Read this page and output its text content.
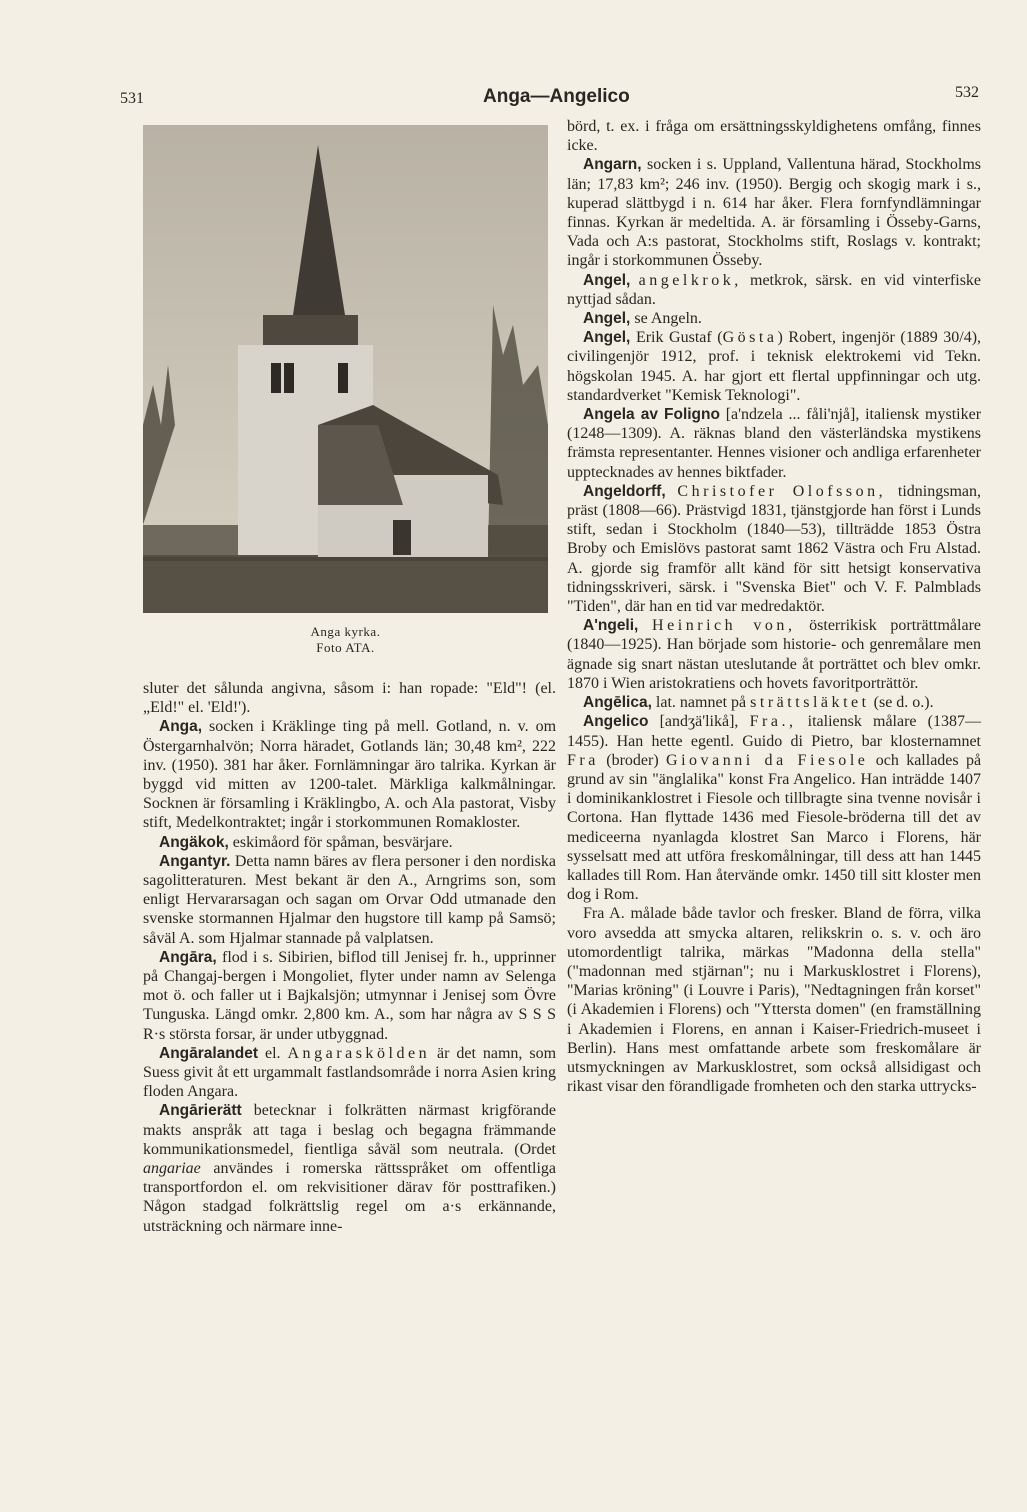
531	Anga—Angelico	532
Anga kyrka.
Foto ATA.

sluter det sålunda angivna, såsom i: han ropade: "Eld"! (el. „Eld!" el. 'Eld!').

Anga, socken i Kräklinge ting på mell. Gotland, n. v. om Östergarnhalvön; Norra häradet, Gotlands län; 30,48 km², 222 inv. (1950). 381 har åker. Fornlämningar äro talrika. Kyrkan är byggd vid mitten av 1200-talet. Märkliga kalkmålningar. Socknen är församling i Kräklingbo, A. och Ala pastorat, Visby stift, Medelkontraktet; ingår i storkommunen Romakloster.

Angäkok, eskimåord för spåman, besvärjare.

Angantyr. Detta namn bäres av flera personer i den nordiska sagolitteraturen. Mest bekant är den A., Arngrims son, som enligt Hervararsagan och sagan om Orvar Odd utmanade den svenske stormannen Hjalmar den hugstore till kamp på Samsö; såväl A. som Hjalmar stannade på valplatsen.

Angāra, flod i s. Sibirien, biflod till Jenisej fr. h., upprinner på Changaj-bergen i Mongoliet, flyter under namn av Selenga mot ö. och faller ut i Bajkalsjön; utmynnar i Jenisej som Övre Tunguska. Längd omkr. 2,800 km. A., som har några av S S S R·s största forsar, är under utbyggnad.

Angāralandet el. Angaraskölden är det namn, som Suess givit åt ett urgammalt fastlandsområde i norra Asien kring floden Angara.

Angārierätt betecknar i folkrätten närmast krigförande makts anspråk att taga i beslag och begagna främmande kommunikationsmedel, fientliga såväl som neutrala. (Ordet angariae användes i romerska rättsspråket om offentliga transportfordon el. om rekvisitioner därav för posttrafiken.) Någon stadgad folkrättslig regel om a·s erkännande, utsträckning och närmare inne-

börd, t. ex. i fråga om ersättningsskyldighetens omfång, finnes icke.

Angarn, socken i s. Uppland, Vallentuna härad, Stockholms län; 17,83 km²; 246 inv. (1950). Bergig och skogig mark i s., kuperad slättbygd i n. 614 har åker. Flera fornfyndlämningar finnas. Kyrkan är medeltida. A. är församling i Össeby-Garns, Vada och A:s pastorat, Stockholms stift, Roslags v. kontrakt; ingår i storkommunen Össeby.

Angel, angelkrok, metkrok, särsk. en vid vinterfiske nyttjad sådan.

Angel, se Angeln.

Angel, Erik Gustaf (Gösta) Robert, ingenjör (1889 30/4), civilingenjör 1912, prof. i teknisk elektrokemi vid Tekn. högskolan 1945. A. har gjort ett flertal uppfinningar och utg. standardverket "Kemisk Teknologi".

Angela av Foligno [a'ndzela ... fåli'njå], italiensk mystiker (1248—1309). A. räknas bland den västerländska mystikens främsta representanter. Hennes visioner och andliga erfarenheter upptecknades av hennes biktfader.

Angeldorff, Christofer Olofsson, tidningsman, präst (1808—66). Prästvigd 1831, tjänstgjorde han först i Lunds stift, sedan i Stockholm (1840—53), tillträdde 1853 Östra Broby och Emislövs pastorat samt 1862 Västra och Fru Alstad. A. gjorde sig framför allt känd för sitt hetsigt konservativa tidningsskriveri, särsk. i "Svenska Biet" och V. F. Palmblads "Tiden", där han en tid var medredaktör.

A'ngeli, Heinrich von, österrikisk porträttmålare (1840—1925). Han började som historie- och genremålare men ägnade sig snart nästan uteslutande åt porträttet och blev omkr. 1870 i Wien aristokratiens och hovets favoritporträttör.

Angēlica, lat. namnet på strättsläktet (se d. o.).

Angelico [andʒä'likå], Fra., italiensk målare (1387—1455). Han hette egentl. Guido di Pietro, bar klosternamnet Fra (broder) Giovanni da Fiesole och kallades på grund av sin "änglalika" konst Fra Angelico. Han inträdde 1407 i dominikanklostret i Fiesole och tillbragte sina tvenne novisår i Cortona. Han flyttade 1436 med Fiesole-bröderna till det av mediceerna nyanlagda klostret San Marco i Florens, här sysselsatt med att utföra freskomålningar, till dess att han 1445 kallades till Rom. Han återvände omkr. 1450 till sitt kloster men dog i Rom.

Fra A. målade både tavlor och fresker. Bland de förra, vilka voro avsedda att smycka altaren, relikskrin o. s. v. och äro utomordentligt talrika, märkas "Madonna della stella" ("madonnan med stjärnan"; nu i Markusklostret i Florens), "Marias kröning" (i Louvre i Paris), "Nedtagningen från korset" (i Akademien i Florens) och "Yttersta domen" (en framställning i Akademien i Florens, en annan i Kaiser-Friedrich-museet i Berlin). Hans mest omfattande arbete som freskomålare är utsmyckningen av Markusklostret, som också allsidigast och rikast visar den förandligade fromheten och den starka uttrycks-
